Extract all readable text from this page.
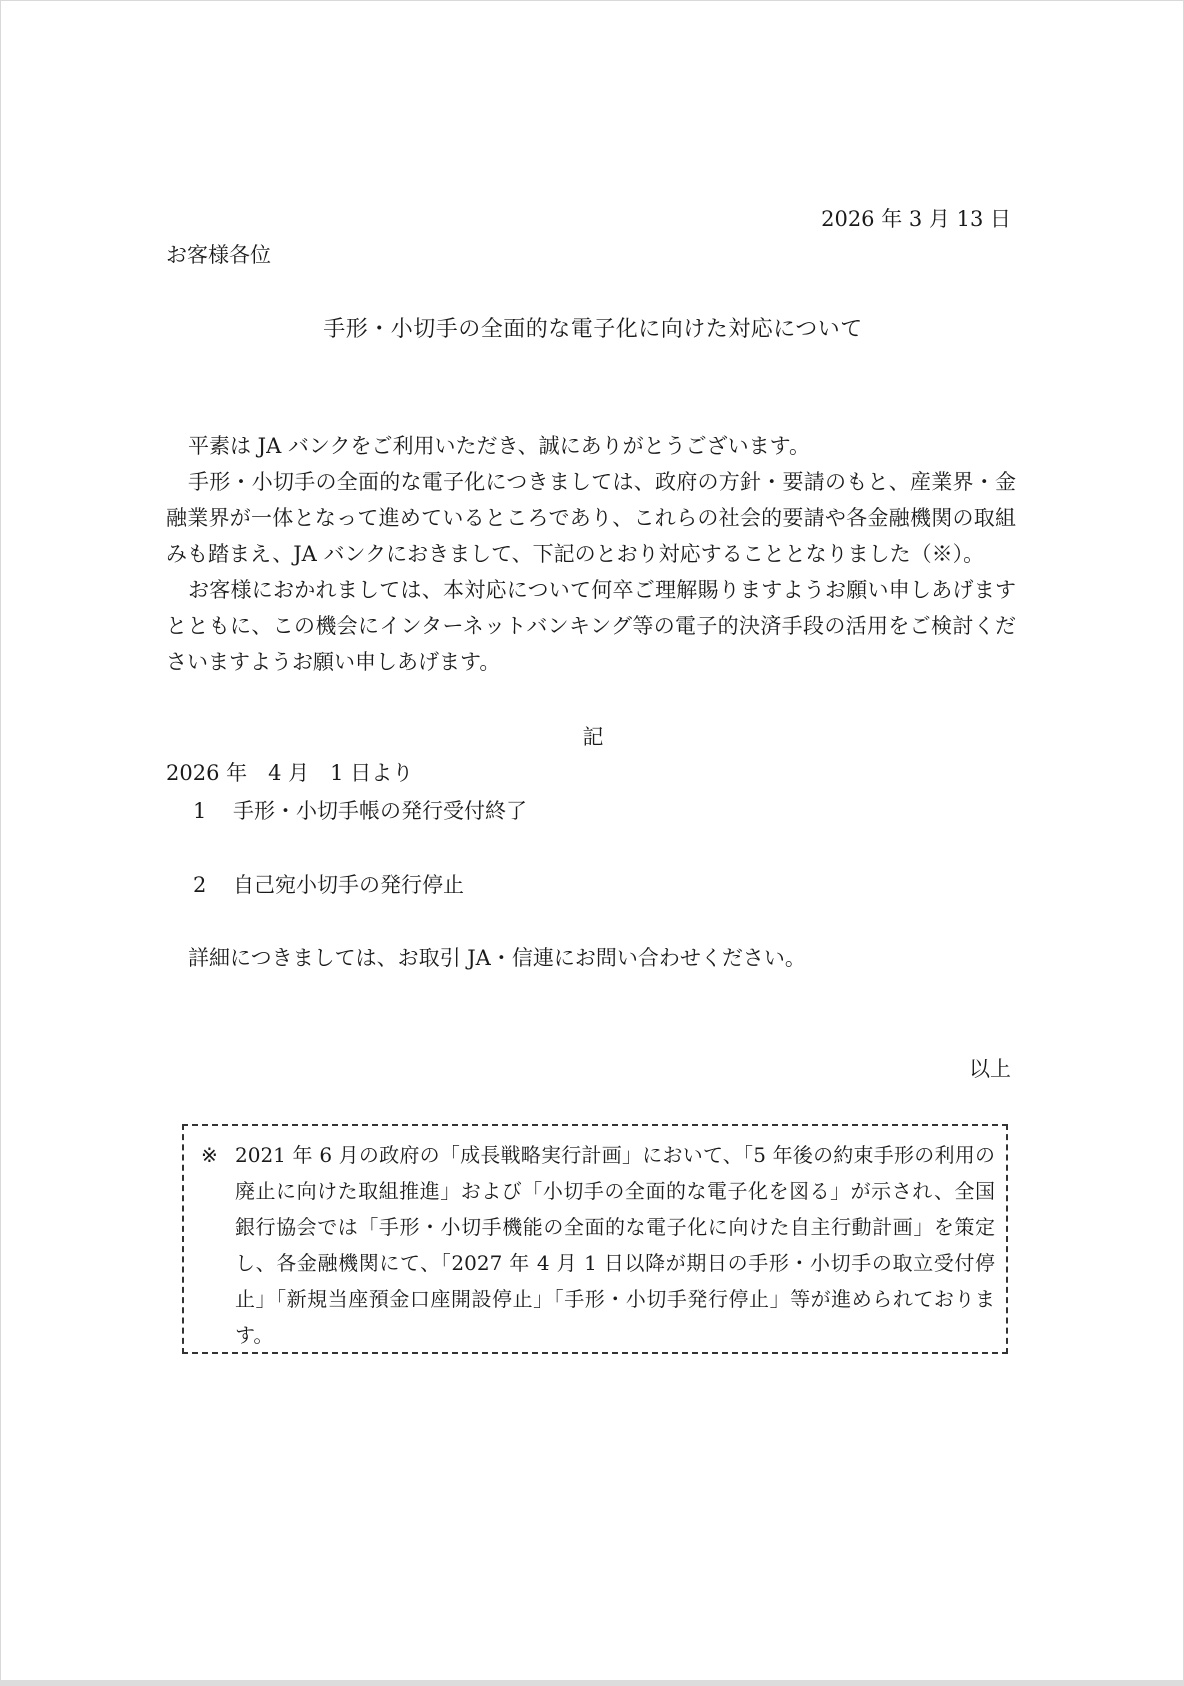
2026 年 3 月 13 日
お客様各位
手形・小切手の全面的な電子化に向けた対応について

平素は JA バンクをご利用いただき、誠にありがとうございます。

手形・小切手の全面的な電子化につきましては、政府の方針・要請のもと、産業界・金融業界が一体となって進めているところであり、これらの社会的要請や各金融機関の取組みも踏まえ、JA バンクにおきまして、下記のとおり対応することとなりました（※）。

お客様におかれましては、本対応について何卒ご理解賜りますようお願い申しあげますとともに、この機会にインターネットバンキング等の電子的決済手段の活用をご検討くださいますようお願い申しあげます。

記
2026 年　4 月　1 日より
1 手形・小切手帳の発行受付終了
2 自己宛小切手の発行停止
詳細につきましては、お取引 JA・信連にお問い合わせください。
以上
※ 2021 年 6 月の政府の「成長戦略実行計画」において、「5 年後の約束手形の利用の廃止に向けた取組推進」および「小切手の全面的な電子化を図る」が示され、全国銀行協会では「手形・小切手機能の全面的な電子化に向けた自主行動計画」を策定し、各金融機関にて、「2027 年 4 月 1 日以降が期日の手形・小切手の取立受付停止」「新規当座預金口座開設停止」「手形・小切手発行停止」等が進められております。
